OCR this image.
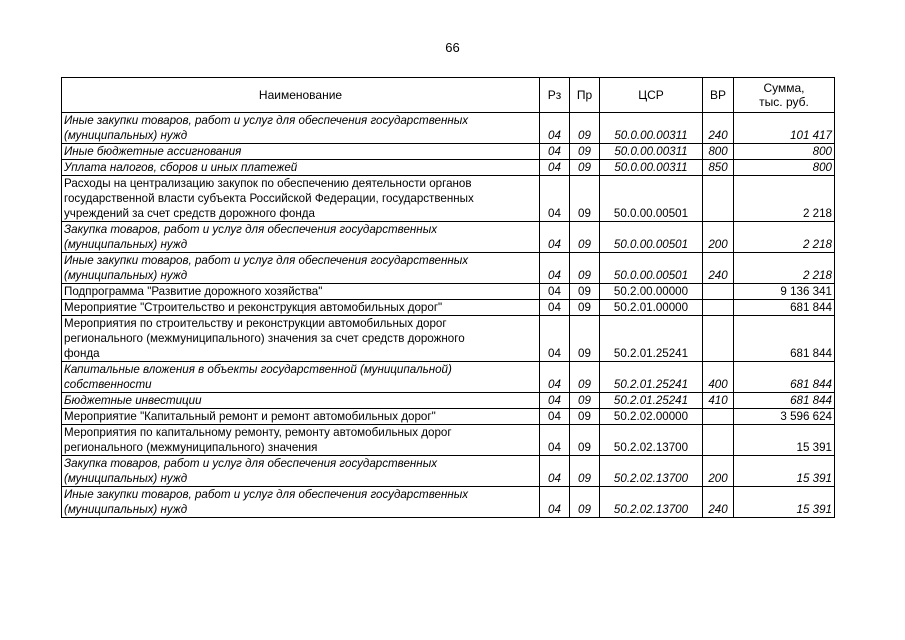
66
Наименование	Рз	Пр	ЦСР	ВР	Сумма,
тыс. руб.
Иные закупки товаров, работ и услуг для обеспечения государственных
(муниципальных) нужд	04	09	50.0.00.00311	240	101 417
Иные бюджетные ассигнования	04	09	50.0.00.00311	800	800
Уплата налогов, сборов и иных платежей	04	09	50.0.00.00311	850	800
Расходы на централизацию закупок по обеспечению деятельности органов
государственной власти субъекта Российской Федерации, государственных
учреждений за счет средств дорожного фонда	04	09	50.0.00.00501		2 218
Закупка товаров, работ и услуг для обеспечения государственных
(муниципальных) нужд	04	09	50.0.00.00501	200	2 218
Иные закупки товаров, работ и услуг для обеспечения государственных
(муниципальных) нужд	04	09	50.0.00.00501	240	2 218
Подпрограмма "Развитие дорожного хозяйства"	04	09	50.2.00.00000		9 136 341
Мероприятие "Строительство и реконструкция автомобильных дорог"	04	09	50.2.01.00000		681 844
Мероприятия по строительству и реконструкции автомобильных дорог
регионального (межмуниципального) значения за счет средств дорожного
фонда	04	09	50.2.01.25241		681 844
Капитальные вложения в объекты государственной (муниципальной)
собственности	04	09	50.2.01.25241	400	681 844
Бюджетные инвестиции	04	09	50.2.01.25241	410	681 844
Мероприятие "Капитальный ремонт и ремонт автомобильных дорог"	04	09	50.2.02.00000		3 596 624
Мероприятия по капитальному ремонту, ремонту автомобильных дорог
регионального (межмуниципального) значения	04	09	50.2.02.13700		15 391
Закупка товаров, работ и услуг для обеспечения государственных
(муниципальных) нужд	04	09	50.2.02.13700	200	15 391
Иные закупки товаров, работ и услуг для обеспечения государственных
(муниципальных) нужд	04	09	50.2.02.13700	240	15 391
